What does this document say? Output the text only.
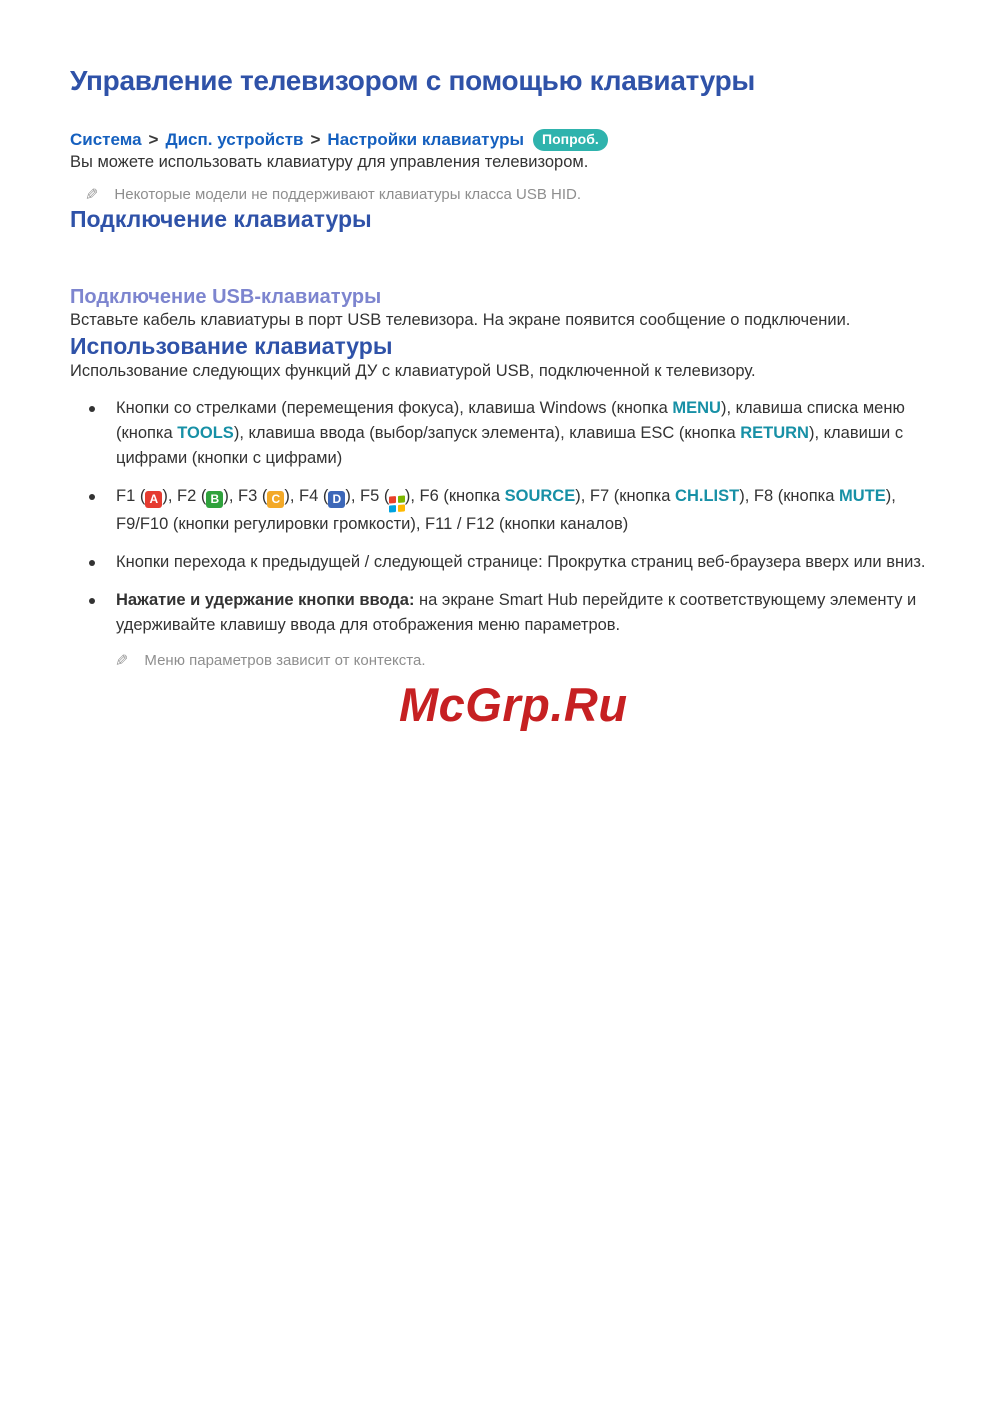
Управление телевизором с помощью клавиатуры
Система > Дисп. устройств > Настройки клавиатуры	Попроб.

Вы можете использовать клавиатуру для управления телевизором.

✎ Некоторые модели не поддерживают клавиатуры класса USB HID.
Подключение клавиатуры
Подключение USB-клавиатуры

Вставьте кабель клавиатуры в порт USB телевизора. На экране появится сообщение о подключении.

Использование клавиатуры

Использование следующих функций ДУ с клавиатурой USB, подключенной к телевизору.

Кнопки со стрелками (перемещения фокуса), клавиша Windows (кнопка MENU), клавиша списка меню (кнопка TOOLS), клавиша ввода (выбор/запуск элемента), клавиша ESC (кнопка RETURN), клавиши с цифрами (кнопки с цифрами)
F1 ( A ), F2 ( B ), F3 ( C ), F4 ( D ), F5 ( ), F6 (кнопка SOURCE), F7 (кнопка CH.LIST), F8 (кнопка MUTE), F9/F10 (кнопки регулировки громкости), F11 / F12 (кнопки каналов)
Кнопки перехода к предыдущей / следующей странице: Прокрутка страниц веб-браузера вверх или вниз.
Нажатие и удержание кнопки ввода: на экране Smart Hub перейдите к соответствующему элементу и удерживайте клавишу ввода для отображения меню параметров.
✎ Меню параметров зависит от контекста.
McGrp.Ru
